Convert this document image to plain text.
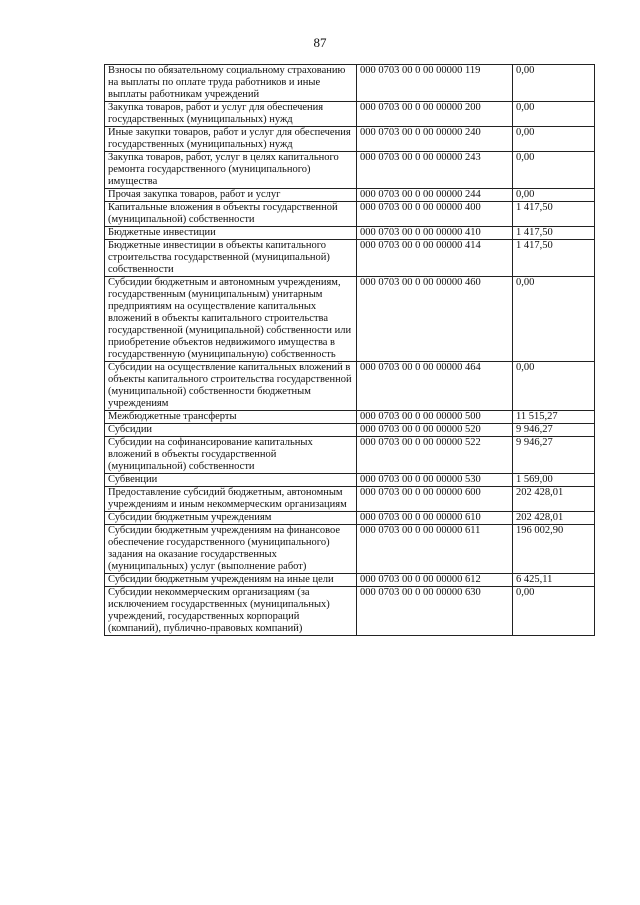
87
Взносы по обязательному социальному страхованию на выплаты по оплате труда работников и иные выплаты работникам учреждений	000 0703 00 0 00 00000 119	0,00
Закупка товаров, работ и услуг для обеспечения государственных (муниципальных) нужд	000 0703 00 0 00 00000 200	0,00
Иные закупки товаров, работ и услуг для обеспечения государственных (муниципальных) нужд	000 0703 00 0 00 00000 240	0,00
Закупка товаров, работ, услуг в целях капитального ремонта государственного (муниципального) имущества	000 0703 00 0 00 00000 243	0,00
Прочая закупка товаров, работ и услуг	000 0703 00 0 00 00000 244	0,00
Капитальные вложения в объекты государственной (муниципальной) собственности	000 0703 00 0 00 00000 400	1 417,50
Бюджетные инвестиции	000 0703 00 0 00 00000 410	1 417,50
Бюджетные инвестиции в объекты капитального строительства государственной (муниципальной) собственности	000 0703 00 0 00 00000 414	1 417,50
Субсидии бюджетным и автономным учреждениям, государственным (муниципальным) унитарным предприятиям на осуществление капитальных вложений в объекты капитального строительства государственной (муниципальной) собственности или приобретение объектов недвижимого имущества в государственную (муниципальную) собственность	000 0703 00 0 00 00000 460	0,00
Субсидии на осуществление капитальных вложений в объекты капитального строительства государственной (муниципальной) собственности бюджетным учреждениям	000 0703 00 0 00 00000 464	0,00
Межбюджетные трансферты	000 0703 00 0 00 00000 500	11 515,27
Субсидии	000 0703 00 0 00 00000 520	9 946,27
Субсидии на софинансирование капитальных вложений в объекты государственной (муниципальной) собственности	000 0703 00 0 00 00000 522	9 946,27
Субвенции	000 0703 00 0 00 00000 530	1 569,00
Предоставление субсидий бюджетным, автономным учреждениям и иным некоммерческим организациям	000 0703 00 0 00 00000 600	202 428,01
Субсидии бюджетным учреждениям	000 0703 00 0 00 00000 610	202 428,01
Субсидии бюджетным учреждениям на финансовое обеспечение государственного (муниципального) задания на оказание государственных (муниципальных) услуг (выполнение работ)	000 0703 00 0 00 00000 611	196 002,90
Субсидии бюджетным учреждениям на иные цели	000 0703 00 0 00 00000 612	6 425,11
Субсидии некоммерческим организациям (за исключением государственных (муниципальных) учреждений, государственных корпораций (компаний), публично-правовых компаний)	000 0703 00 0 00 00000 630	0,00
